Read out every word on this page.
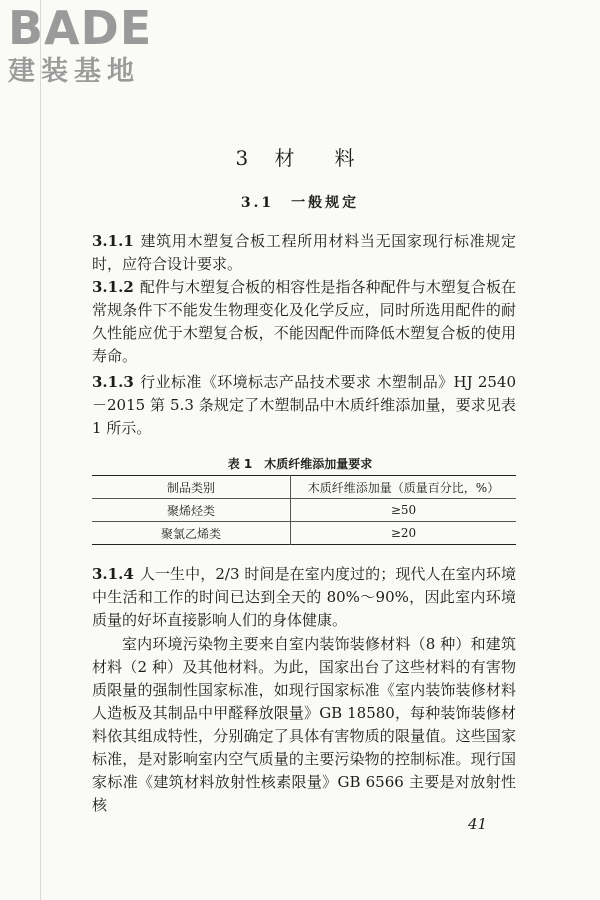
BADE
建装基地
3 材　料
3.1　一般规定
3.1.1 建筑用木塑复合板工程所用材料当无国家现行标准规定时，应符合设计要求。
3.1.2 配件与木塑复合板的相容性是指各种配件与木塑复合板在常规条件下不能发生物理变化及化学反应，同时所选用配件的耐久性能应优于木塑复合板，不能因配件而降低木塑复合板的使用寿命。
3.1.3 行业标准《环境标志产品技术要求 木塑制品》HJ 2540－2015 第 5.3 条规定了木塑制品中木质纤维添加量，要求见表 1 所示。
表 1　木质纤维添加量要求
制品类别	木质纤维添加量（质量百分比，%）
聚烯烃类	≥50
聚氯乙烯类	≥20
3.1.4 人一生中，2/3 时间是在室内度过的；现代人在室内环境中生活和工作的时间已达到全天的 80%～90%，因此室内环境质量的好坏直接影响人们的身体健康。
室内环境污染物主要来自室内装饰装修材料（8 种）和建筑材料（2 种）及其他材料。为此，国家出台了这些材料的有害物质限量的强制性国家标准，如现行国家标准《室内装饰装修材料人造板及其制品中甲醛释放限量》GB 18580，每种装饰装修材料依其组成特性，分别确定了具体有害物质的限量值。这些国家标准，是对影响室内空气质量的主要污染物的控制标准。现行国家标准《建筑材料放射性核素限量》GB 6566 主要是对放射性核
41
